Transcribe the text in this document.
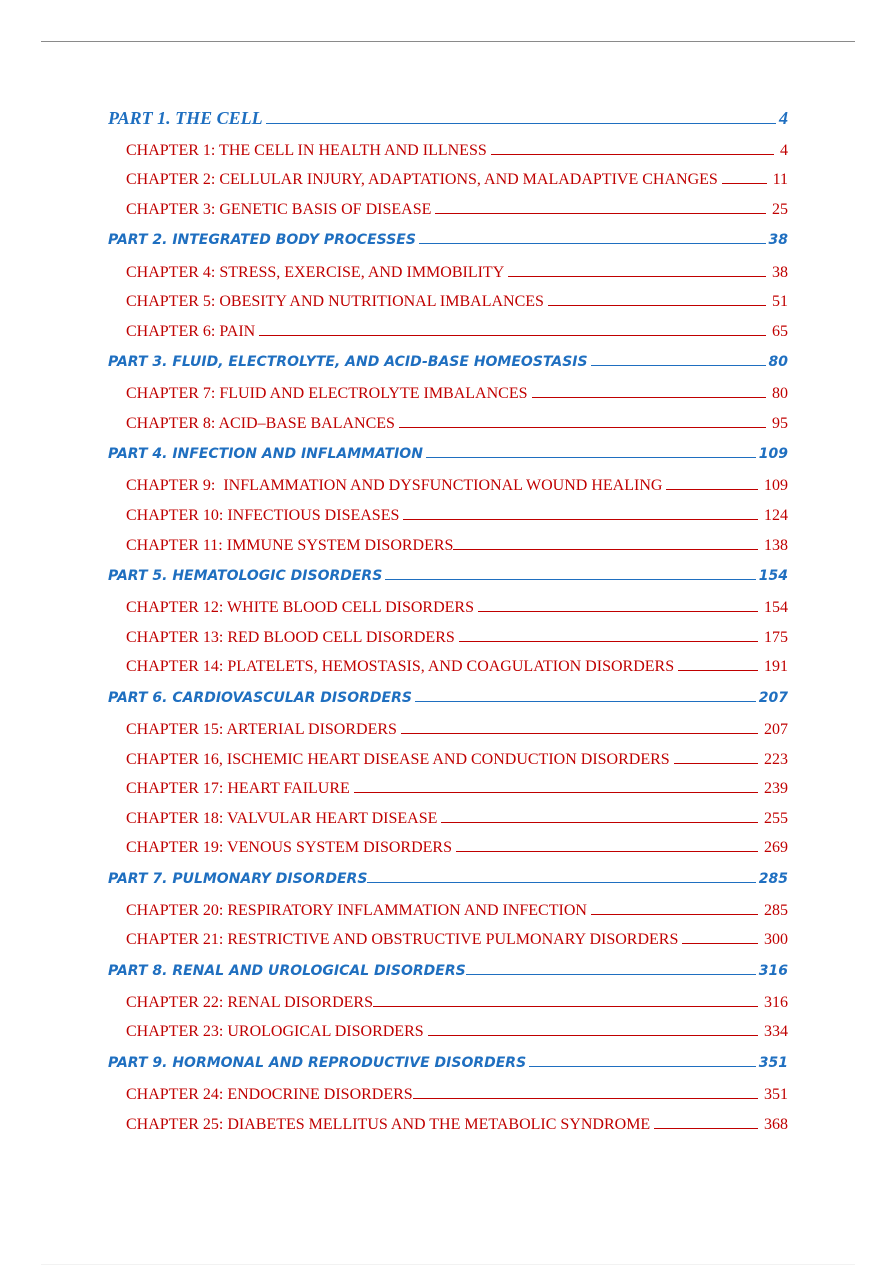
PART 1. THE CELL	4
CHAPTER 1: THE CELL IN HEALTH AND ILLNESS	4
CHAPTER 2: CELLULAR INJURY, ADAPTATIONS, AND MALADAPTIVE CHANGES	11
CHAPTER 3: GENETIC BASIS OF DISEASE	25
PART 2. INTEGRATED BODY PROCESSES	38
CHAPTER 4: STRESS, EXERCISE, AND IMMOBILITY	38
CHAPTER 5: OBESITY AND NUTRITIONAL IMBALANCES	51
CHAPTER 6: PAIN	65
PART 3. FLUID, ELECTROLYTE, AND ACID-BASE HOMEOSTASIS	80
CHAPTER 7: FLUID AND ELECTROLYTE IMBALANCES	80
CHAPTER 8: ACID–BASE BALANCES	95
PART 4. INFECTION AND INFLAMMATION	109
CHAPTER 9:  INFLAMMATION AND DYSFUNCTIONAL WOUND HEALING	109
CHAPTER 10: INFECTIOUS DISEASES	124
CHAPTER 11: IMMUNE SYSTEM DISORDERS	138
PART 5. HEMATOLOGIC DISORDERS	154
CHAPTER 12: WHITE BLOOD CELL DISORDERS	154
CHAPTER 13: RED BLOOD CELL DISORDERS	175
CHAPTER 14: PLATELETS, HEMOSTASIS, AND COAGULATION DISORDERS	191
PART 6. CARDIOVASCULAR DISORDERS	207
CHAPTER 15: ARTERIAL DISORDERS	207
CHAPTER 16, ISCHEMIC HEART DISEASE AND CONDUCTION DISORDERS	223
CHAPTER 17: HEART FAILURE	239
CHAPTER 18: VALVULAR HEART DISEASE	255
CHAPTER 19: VENOUS SYSTEM DISORDERS	269
PART 7. PULMONARY DISORDERS	285
CHAPTER 20: RESPIRATORY INFLAMMATION AND INFECTION	285
CHAPTER 21: RESTRICTIVE AND OBSTRUCTIVE PULMONARY DISORDERS	300
PART 8. RENAL AND UROLOGICAL DISORDERS	316
CHAPTER 22: RENAL DISORDERS	316
CHAPTER 23: UROLOGICAL DISORDERS	334
PART 9. HORMONAL AND REPRODUCTIVE DISORDERS	351
CHAPTER 24: ENDOCRINE DISORDERS	351
CHAPTER 25: DIABETES MELLITUS AND THE METABOLIC SYNDROME	368
